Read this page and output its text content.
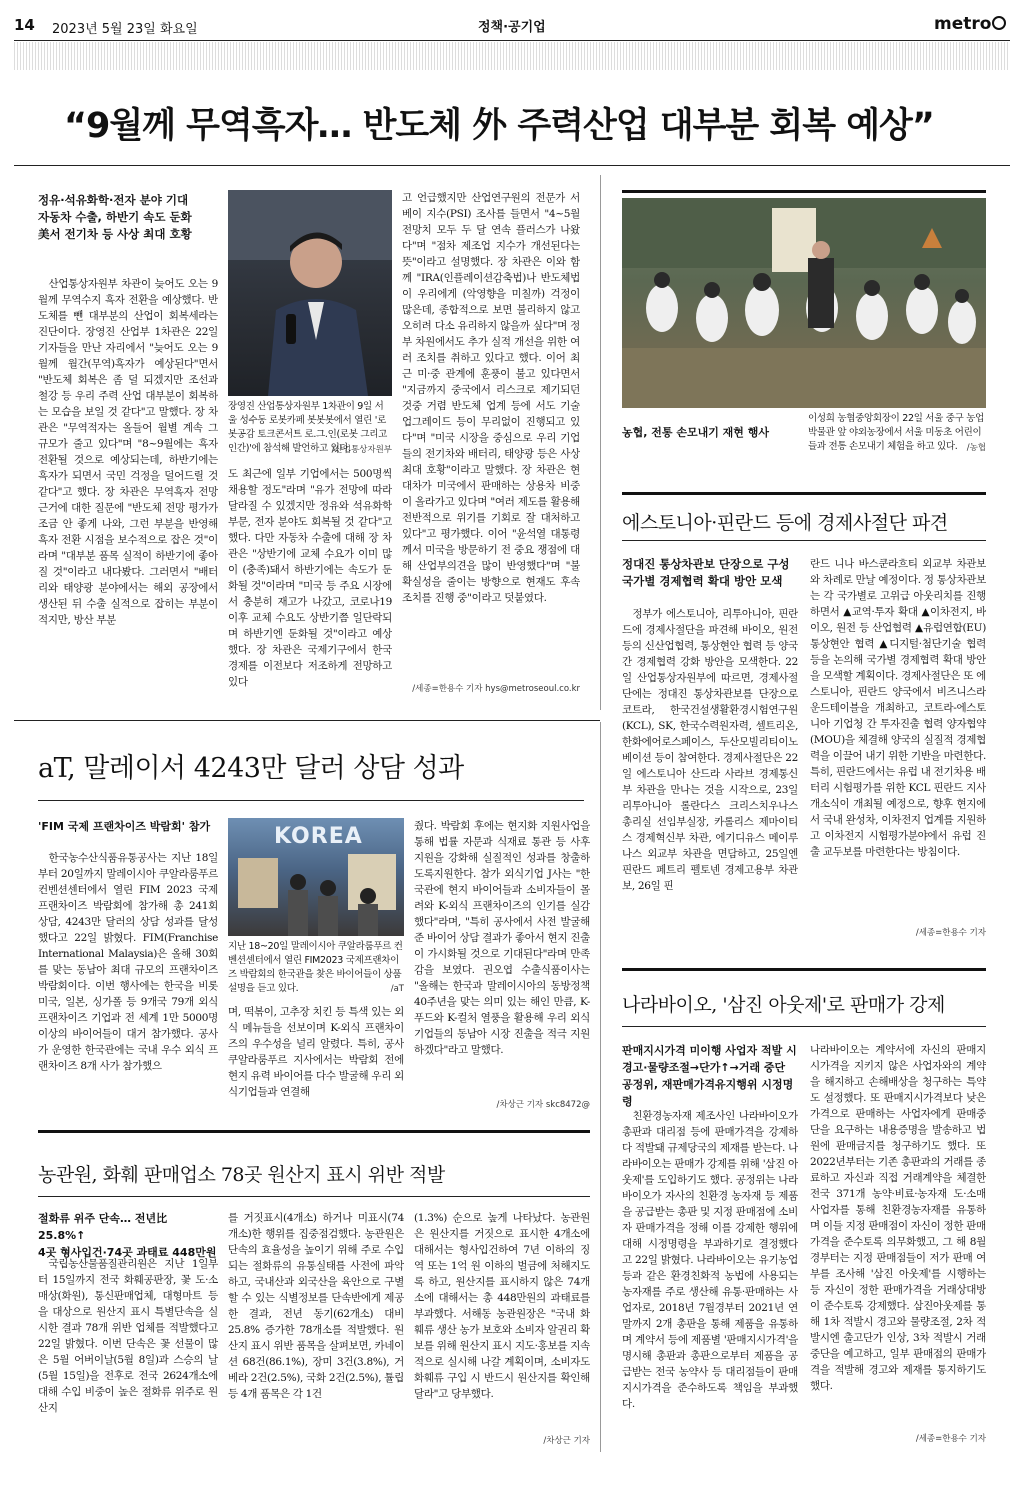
14 2023년 5월 23일 화요일	정책·공기업	metro
“9월께 무역흑자… 반도체 外 주력산업 대부분 회복 예상”
정유·석유화학·전자 분야 기대
자동차 수출, 하반기 속도 둔화
美서 전기차 등 사상 최대 호황
산업통상자원부 차관이 늦어도 오는 9월께 무역수지 흑자 전환을 예상했다. 반도체를 뺀 대부분의 산업이 회복세라는 진단이다. 장영진 산업부 1차관은 22일 기자들을 만난 자리에서 "늦어도 오는 9월께 월간(무역)흑자가 예상된다"면서 "반도체 회복은 좀 덜 되겠지만 조선과 철강 등 우리 주력 산업 대부분이 회복하는 모습을 보일 것 같다"고 말했다. 장 차관은 "무역적자는 올들어 월별 계속 그 규모가 줄고 있다"며 "8~9월에는 흑자 전환될 것으로 예상되는데, 하반기에는 흑자가 되면서 국민 걱정을 덜어드릴 것 같다"고 했다. 장 차관은 무역흑자 전망 근거에 대한 질문에 "반도체 전망 평가가 조금 안 좋게 나와, 그런 부분을 반영해 흑자 전환 시점을 보수적으로 잡은 것"이라며 "대부분 품목 실적이 하반기에 좋아질 것"이라고 내다봤다. 그러면서 "배터리와 태양광 분야에서는 해외 공장에서 생산된 뒤 수출 실적으로 잡히는 부분이 적지만, 방산 부분
장영진 산업통상자원부 1차관이 9일 서울 성수동 로봇카페 봇봇봇에서 열린 '로봇공감 토크콘서트 로.그.인(로봇 그리고 인간)'에 참석해 발언하고 있다.
/산업통상자원부
도 최근에 일부 기업에서는 500명씩 채용할 정도"라며 "유가 전망에 따라 달라질 수 있겠지만 정유와 석유화학 부문, 전자 분야도 회복될 것 같다"고 했다. 다만 자동차 수출에 대해 장 차관은 "상반기에 교체 수요가 이미 많이 (충족)돼서 하반기에는 속도가 둔화될 것"이라며 "미국 등 주요 시장에서 충분히 재고가 나갔고, 코로나19 이후 교체 수요도 상반기쯤 일단락되며 하반기엔 둔화될 것"이라고 예상했다. 장 차관은 국제기구에서 한국 경제를 이전보다 저조하게 전망하고 있다
고 언급했지만 산업연구원의 전문가 서베이 지수(PSI) 조사를 들면서 "4~5월 전망치 모두 두 달 연속 플러스가 나왔다"며 "점차 제조업 지수가 개선된다는 뜻"이라고 설명했다. 장 차관은 이와 함께 "IRA(인플레이션감축법)나 반도체법이 우리에게 (악영향을 미칠까) 걱정이 많은데, 종합적으로 보면 불리하지 않고 오히려 다소 유리하지 않을까 싶다"며 정부 차원에서도 추가 실적 개선을 위한 여러 조치를 취하고 있다고 했다. 이어 최근 미·중 관계에 훈풍이 불고 있다면서 "지금까지 중국에서 리스크로 제기되던 것중 거렴 반도체 업계 등에 서도 기술 업그레이드 등이 무리없이 진행되고 있다"며 "미국 시장을 중심으로 우리 기업들의 전기차와 배터리, 태양광 등은 사상 최대 호황"이라고 말했다. 장 차관은 현대차가 미국에서 판매하는 상용차 비중이 올라가고 있다며 "여러 제도를 활용해 전반적으로 위기를 기회로 잘 대처하고 있다"고 평가했다. 이어 "윤석열 대통령께서 미국을 방문하기 전 중요 쟁점에 대해 산업부의견을 많이 반영했다"며 "불확실성을 줄이는 방향으로 현재도 후속 조치를 진행 중"이라고 덧붙였다.
/세종=한용수 기자 hys@metroseoul.co.kr
농협, 전통 손모내기 재현 행사
이성희 농협중앙회장이 22일 서울 중구 농업박물관 앞 야외농장에서 서울 미동초 어린이들과 전통 손모내기 체험을 하고 있다.	/농협
에스토니아·핀란드 등에 경제사절단 파견
정대진 통상차관보 단장으로 구성
국가별 경제협력 확대 방안 모색
정부가 에스토니아, 리투아니아, 핀란드에 경제사절단을 파견해 바이오, 원전 등의 신산업협력, 통상현안 협력 등 양국간 경제협력 강화 방안을 모색한다. 22일 산업통상자원부에 따르면, 경제사절단에는 정대진 통상차관보를 단장으로 코트라, 한국건설생활환경시험연구원(KCL), SK, 한국수력원자력, 셀트리온, 한화에어로스페이스, 두산모빌리티이노베이션 등이 참여한다. 경제사절단은 22일 에스토니아 산드라 사라브 경제통신부 차관을 만나는 것을 시작으로, 23일 리투아니아 롤란다스 크리스치우나스 총리실 선임부실장, 카롤리스 제마이티스 경제혁신부 차관, 에기디유스 메이루나스 외교부 차관을 면담하고, 25일엔 핀란드 페트리 펠토넨 경제고용부 차관보, 26일 핀
란드 니나 바스쿤라흐티 외교부 차관보와 차례로 만날 예정이다. 정 통상차관보는 각 국가별로 고위급 아웃리치를 진행하면서 ▲교역·투자 확대 ▲이차전지, 바이오, 원전 등 산업협력 ▲유럽연합(EU) 통상현안 협력 ▲디지털·첨단기술 협력 등을 논의해 국가별 경제협력 확대 방안을 모색할 계획이다. 경제사절단은 또 에스토니아, 핀란드 양국에서 비즈니스라운드테이블을 개최하고, 코트라-에스토니아 기업청 간 투자진출 협력 양자협약(MOU)을 체결해 양국의 실질적 경제협력을 이끌어 내기 위한 기반을 마련한다. 특히, 핀란드에서는 유럽 내 전기차용 배터리 시험평가를 위한 KCL 핀란드 지사 개소식이 개최될 예정으로, 향후 현지에서 국내 완성차, 이차전지 업계를 지원하고 이차전지 시험평가분야에서 유럽 진출 교두보를 마련한다는 방침이다.
/세종=한용수 기자
aT, 말레이서 4243만 달러 상담 성과
'FIM 국제 프랜차이즈 박람회' 참가
한국농수산식품유통공사는 지난 18일부터 20일까지 말레이시아 쿠알라룸푸르 컨벤션센터에서 열린 FIM 2023 국제 프랜차이즈 박람회에 참가해 총 241회 상담, 4243만 달러의 상담 성과를 달성했다고 22일 밝혔다. FIM(Franchise International Malaysia)은 올해 30회를 맞는 동남아 최대 규모의 프랜차이즈 박람회이다. 이번 행사에는 한국을 비롯 미국, 일본, 싱가폴 등 9개국 79개 외식 프랜차이즈 기업과 전 세계 1만 5000명 이상의 바이어들이 대거 참가했다. 공사가 운영한 한국관에는 국내 우수 외식 프랜차이즈 8개 사가 참가했으
KOREA
지난 18~20일 말레이시아 쿠알라룸푸르 컨벤션센터에서 열린 FIM2023 국제프랜차이즈 박람회의 한국관을 찾은 바이어들이 상품 설명을 듣고 있다.	/aT
며, 떡볶이, 고추장 치킨 등 특색 있는 외식 메뉴들을 선보이며 K-외식 프랜차이즈의 우수성을 널리 알렸다. 특히, 공사 쿠알라룸푸르 지사에서는 박람회 전에 현지 유력 바이어를 다수 발굴해 우리 외식기업들과 연결해
줬다. 박람회 후에는 현지화 지원사업을 통해 법률 자문과 식재료 통관 등 사후 지원을 강화해 실질적인 성과를 창출하도록지원한다. 참가 외식기업 J사는 "한국관에 현지 바이어들과 소비자들이 몰려와 K-외식 프랜차이즈의 인기를 실감했다"라며, "특히 공사에서 사전 발굴해준 바이어 상담 결과가 좋아서 현지 진출이 가시화될 것으로 기대된다"라며 만족감을 보였다. 권오엽 수출식품이사는 "올해는 한국과 말레이시아의 동방정책 40주년을 맞는 의미 있는 해인 만큼, K-푸드와 K-컬처 열풍을 활용해 우리 외식기업들의 동남아 시장 진출을 적극 지원하겠다"라고 말했다.
/차상근 기자 skc8472@
나라바이오, '삼진 아웃제'로 판매가 강제
판매지시가격 미이행 사업자 적발 시
경고·물량조절→단가↑→거래 중단
공정위, 재판매가격유지행위 시정명령
친환경농자재 제조사인 나라바이오가 총판과 대리점 등에 판매가격을 강제하다 적발돼 규제당국의 제재를 받는다. 나라바이오는 판매가 강제를 위해 '삼진 아웃제'를 도입하기도 했다. 공정위는 나라바이오가 자사의 친환경 농자재 등 제품을 공급받는 총판 및 지정 판매점에 소비자 판매가격을 정해 이를 강제한 행위에 대해 시정명령을 부과하기로 결정했다고 22일 밝혔다. 나라바이오는 유기농업 등과 같은 환경친화적 농법에 사용되는 농자재를 주로 생산해 유통·판매하는 사업자로, 2018년 7월경부터 2021년 연말까지 2개 총판을 통해 제품을 유통하며 계약서 등에 제품별 '판매지시가격'을 명시해 총판과 총판으로부터 제품을 공급받는 전국 농약사 등 대리점들이 판매지시가격을 준수하도록 책임을 부과했다.
나라바이오는 계약서에 자신의 판매지시가격을 지키지 않은 사업자와의 계약을 해지하고 손해배상을 청구하는 특약도 설정했다. 또 판매지시가격보다 낮은 가격으로 판매하는 사업자에게 판매중단을 요구하는 내용증명을 발송하고 법원에 판매금지를 청구하기도 했다. 또 2022년부터는 기존 총판과의 거래를 종료하고 자신과 직접 거래계약을 체결한 전국 371개 농약·비료·농자재 도·소매 사업자를 통해 친환경농자재를 유통하며 이들 지정 판매점이 자신이 정한 판매가격을 준수토록 의무화했고, 그 해 8월경부터는 지정 판매점들이 저가 판매 여부를 조사해 '삼진 아웃제'를 시행하는 등 자신이 정한 판매가격을 거래상대방이 준수토록 강제했다. 삼진아웃제를 통해 1차 적발시 경고와 물량조절, 2차 적발시엔 출고단가 인상, 3차 적발시 거래중단을 예고하고, 일부 판매점의 판매가격을 적발해 경고와 제재를 통지하기도 했다.
/세종=한용수 기자
농관원, 화훼 판매업소 78곳 원산지 표시 위반 적발
절화류 위주 단속… 전년比 25.8%↑
4곳 형사입건·74곳 과태료 448만원
국립농산물품질관리원은 지난 1일부터 15일까지 전국 화훼공판장, 꽃 도·소매상(화원), 통신판매업체, 대형마트 등을 대상으로 원산지 표시 특별단속을 실시한 결과 78개 위반 업체를 적발했다고 22일 밝혔다. 이번 단속은 꽃 선물이 많은 5월 어버이날(5월 8일)과 스승의 날(5월 15일)을 전후로 전국 2624개소에 대해 수입 비중이 높은 절화류 위주로 원산지
를 거짓표시(4개소) 하거나 미표시(74개소)한 행위를 집중점검했다. 농관원은 단속의 효율성을 높이기 위해 주로 수입되는 절화류의 유통실태를 사전에 파악하고, 국내산과 외국산을 육안으로 구별할 수 있는 식별정보를 단속반에게 제공한 결과, 전년 동기(62개소) 대비 25.8% 증가한 78개소를 적발했다. 원산지 표시 위반 품목을 살펴보면, 카네이션 68건(86.1%), 장미 3건(3.8%), 거베라 2건(2.5%), 국화 2건(2.5%), 튤립 등 4개 품목은 각 1건
(1.3%) 순으로 높게 나타났다. 농관원은 원산지를 거짓으로 표시한 4개소에 대해서는 형사입건하여 7년 이하의 징역 또는 1억 원 이하의 벌금에 처해지도록 하고, 원산지를 표시하지 않은 74개소에 대해서는 총 448만원의 과태료를 부과했다. 서해동 농관원장은 "국내 화훼류 생산 농가 보호와 소비자 알권리 확보를 위해 원산지 표시 지도·홍보를 지속적으로 실시해 나갈 계획이며, 소비자도 화훼류 구입 시 반드시 원산지를 확인해 달라"고 당부했다.
/차상근 기자
